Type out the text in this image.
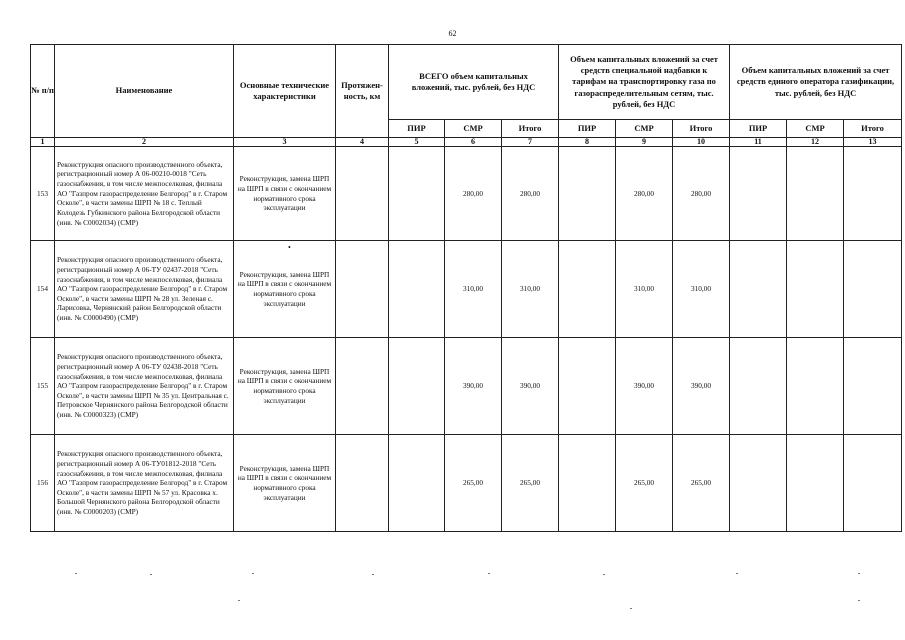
62
№ п/п	Наименование	Основные технические характеристики	Протяжен-ность, км	ВСЕГО объем капитальных вложений, тыс. рублей, без НДС			Объем капитальных вложений за счет средств специальной надбавки к тарифам на транспортировку газа по газораспределительным сетям, тыс. рублей, без НДС			Объем капитальных вложений за счет средств единого оператора газификации, тыс. рублей, без НДС		
				ПИР	СМР	Итого	ПИР	СМР	Итого	ПИР	СМР	Итого
1	2	3	4	5	6	7	8	9	10	11	12	13
153	Реконструкция опасного производственного объекта, регистрационный номер А 06-00210-0018 "Сеть газоснабжения, в том числе межпоселковая, филиала АО "Газпром газораспределение Белгород" в г. Старом Осколе", в части замены ШРП № 18 с. Теплый Колодезь Губкинского района Белгородской области (инв. № С0002034) (СМР)	Реконструкция, замена ШРП на ШРП в связи с окончанием нормативного срока эксплуатации			280,00	280,00		280,00	280,00			
154	Реконструкция опасного производственного объекта, регистрационный номер А 06-ТУ 02437-2018 "Сеть газоснабжения, в том числе межпоселковая, филиала АО "Газпром газораспределение Белгород" в г. Старом Осколе", в части замены ШРП № 28 ул. Зеленая с. Ларисовка, Чернянский район Белгородской области (инв. № С0000490) (СМР)	Реконструкция, замена ШРП на ШРП в связи с окончанием нормативного срока эксплуатации			310,00	310,00		310,00	310,00			
155	Реконструкция опасного производственного объекта, регистрационный номер А 06-ТУ 02438-2018 "Сеть газоснабжения, в том числе межпоселковая, филиала АО "Газпром газораспределение Белгород" в г. Старом Осколе", в части замены ШРП № 35 ул. Центральная с. Петровское Чернянского района Белгородской области (инв. № С0000323) (СМР)	Реконструкция, замена ШРП на ШРП в связи с окончанием нормативного срока эксплуатации			390,00	390,00		390,00	390,00			
156	Реконструкция опасного производственного объекта, регистрационный номер А 06-ТУ01812-2018 "Сеть газоснабжения, в том числе межпоселковая, филиала АО "Газпром газораспределение Белгород" в г. Старом Осколе", в части замены ШРП № 57 ул. Красовка х. Большой Чернянского района Белгородской области (инв. № С0000203) (СМР)	Реконструкция, замена ШРП на ШРП в связи с окончанием нормативного срока эксплуатации			265,00	265,00		265,00	265,00			
•
